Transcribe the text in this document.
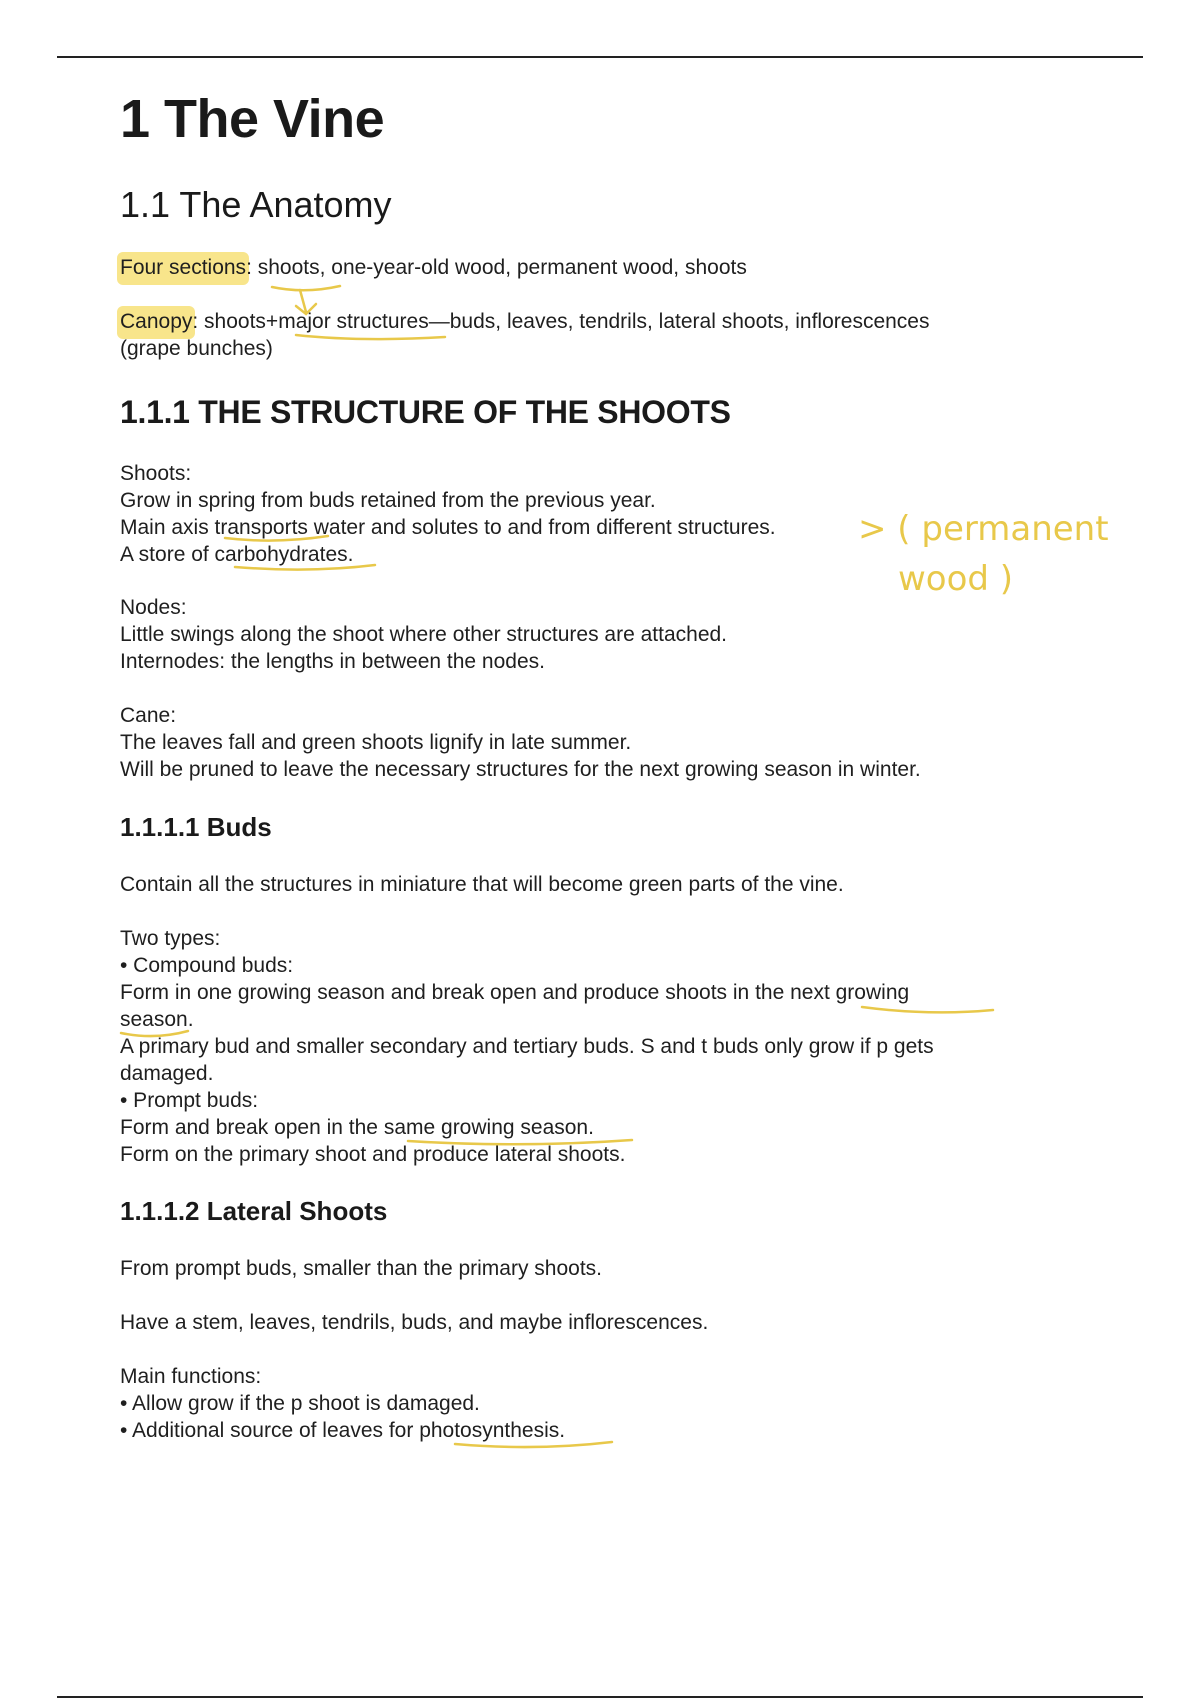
1 The Vine
1.1 The Anatomy
Four sections: shoots, one-year-old wood, permanent wood, shoots
Canopy: shoots+major structures—buds, leaves, tendrils, lateral shoots, inflorescences
(grape bunches)
1.1.1 THE STRUCTURE OF THE SHOOTS
Shoots:
Grow in spring from buds retained from the previous year.
Main axis transports water and solutes to and from different structures.
A store of carbohydrates.
Nodes:
Little swings along the shoot where other structures are attached.
Internodes: the lengths in between the nodes.
Cane:
The leaves fall and green shoots lignify in late summer.
Will be pruned to leave the necessary structures for the next growing season in winter.
1.1.1.1 Buds
Contain all the structures in miniature that will become green parts of the vine.
Two types:
• Compound buds:
Form in one growing season and break open and produce shoots in the next growing
season.
A primary bud and smaller secondary and tertiary buds. S and t buds only grow if p gets
damaged.
• Prompt buds:
Form and break open in the same growing season.
Form on the primary shoot and produce lateral shoots.
1.1.1.2 Lateral Shoots
From prompt buds, smaller than the primary shoots.
Have a stem, leaves, tendrils, buds, and maybe inflorescences.
Main functions:
• Allow grow if the p shoot is damaged.
• Additional source of leaves for photosynthesis.
> ( permanent
wood )
